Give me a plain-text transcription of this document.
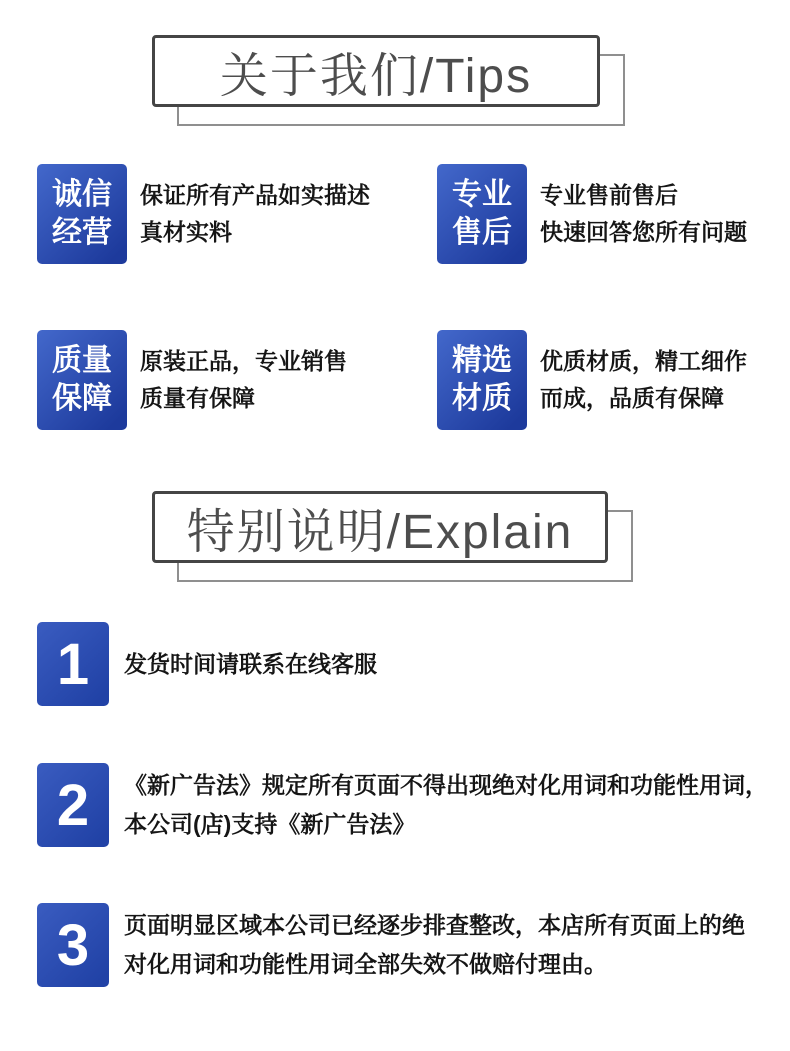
关于我们/Tips
诚信
经营
保证所有产品如实描述
真材实料
专业
售后
专业售前售后
快速回答您所有问题
质量
保障
原装正品，专业销售
质量有保障
精选
材质
优质材质，精工细作
而成，品质有保障
特别说明/Explain
1	发货时间请联系在线客服
2	《新广告法》规定所有页面不得出现绝对化用词和功能性用词，
本公司(店)支持《新广告法》
3	页面明显区域本公司已经逐步排查整改，本店所有页面上的绝
对化用词和功能性用词全部失效不做赔付理由。
